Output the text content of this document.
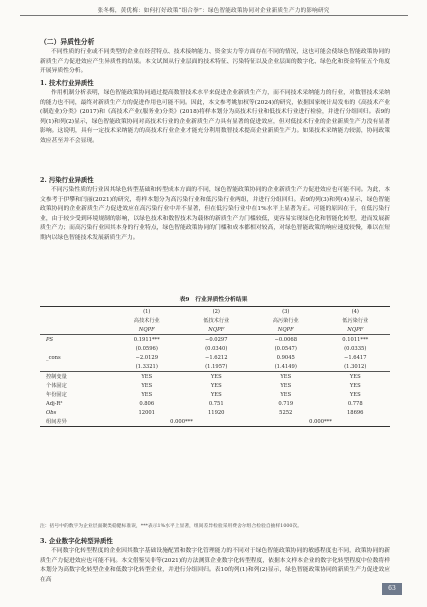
张冬梅，黄优梅：如何打好政策“组合拳”：绿色智能政策协同对企业新质生产力的影响研究
（二）异质性分析

不同性质的行业或不同类型的企业在经营特点、技术接纳能力、资金实力等方面存在不同的情况，这也可能会使绿色智能政策协同的新质生产力促进效应产生异质性的结果。本文试图从行业层面的技术特征、污染特征以及企业层面的数字化、绿色化和资金特征五个角度开展异质性分析。

1. 技术行业异质性

作用机制分析表明，绿色智能政策协同通过提高数智技术水平来促进企业新质生产力，而不同技术采纳能力的行业，对数智技术采纳的能力也不同，最终对新质生产力的促进作用也可能不同。因此，本文参考姚加权等(2024)的研究，依据国家统计局发布的《高技术产业(制造业)分类》(2017)和《高技术产业(服务业)分类》(2018)将样本划分为高技术行业和低技术行业进行检验，并进行分组回归。表9的列(1)和列(2)显示，绿色智能政策协同对高技术行业的企业新质生产力具有显著的促进效应，但对低技术行业的企业新质生产力没有显著影响。这说明，具有一定技术采纳能力的高技术行业企业才能充分利用数智技术提高企业新质生产力。如果技术采纳能力较弱，协同政策效应甚至并不会显现。

2. 污染行业异质性

不同污染性质的行业因其绿色转型基础和转型成本方面的不同，绿色智能政策协同的企业新质生产力促进效应也可能不同。为此，本文参考于伊攀和闫丽(2021)的研究，将样本划分为高污染行业和低污染行业两组，并进行分组回归。表9的列(3)和列(4)显示，绿色智能政策协同的企业新质生产力促进效应在高污染行业中并不显著，但在低污染行业中在1%水平上显著为正。可能的原因在于，在低污染行业，由于较少受到环境规制的影响，以绿色技术和数智技术为载体的新质生产力门槛较低，更容易实现绿色化和智能化转型，进而发展新质生产力；而高污染行业因其本身的行业特点，绿色智能政策协同的门槛和成本都相对较高，对绿色智能政策的响应速度较慢，难以在短期内以绿色智能技术发展新质生产力。

表9　行业异质性分析结果
	(1)	(2)	(3)	(4)
	高技术行业	低技术行业	高污染行业	低污染行业
	NQPF	NQPF	NQPF	NQPF
PS	0.1911***	−0.0297	−0.0068	0.1011***
	(0.0596)	(0.0340)	(0.0547)	(0.0335)
_cons	−2.0129	−1.6212	0.9045	−1.6417
	(1.3321)	(1.1957)	(1.4149)	(1.3012)
控制变量	YES	YES	YES	YES
个体固定	YES	YES	YES	YES
年份固定	YES	YES	YES	YES
Adj-R²	0.806	0.751	0.719	0.778
Obs	12001	11920	5252	18696
组间差异	0.000***		0.000***	
注：括号中的数字为企业层面聚类稳健标准误，***表示1%水平上显著，组间差异检验采用费舍尔组合检验自抽样1000次。
3. 企业数字化转型异质性

不同数字化转型程度的企业因其数字基础设施配置和数字化管理能力的不同对于绿色智能政策协同的敏感程度也不同，政策协同的新质生产力促进效应也可能不同。本文借鉴吴非等(2021)的方法测算企业数字化转型程度，依据本文样本企业的数字化转型程度中位数将样本划分为高数字化转型企业和低数字化转型企业，并进行分组回归。表10的列(1)和列(2)显示，绿色智能政策协同的新质生产力促进效应在高

63
